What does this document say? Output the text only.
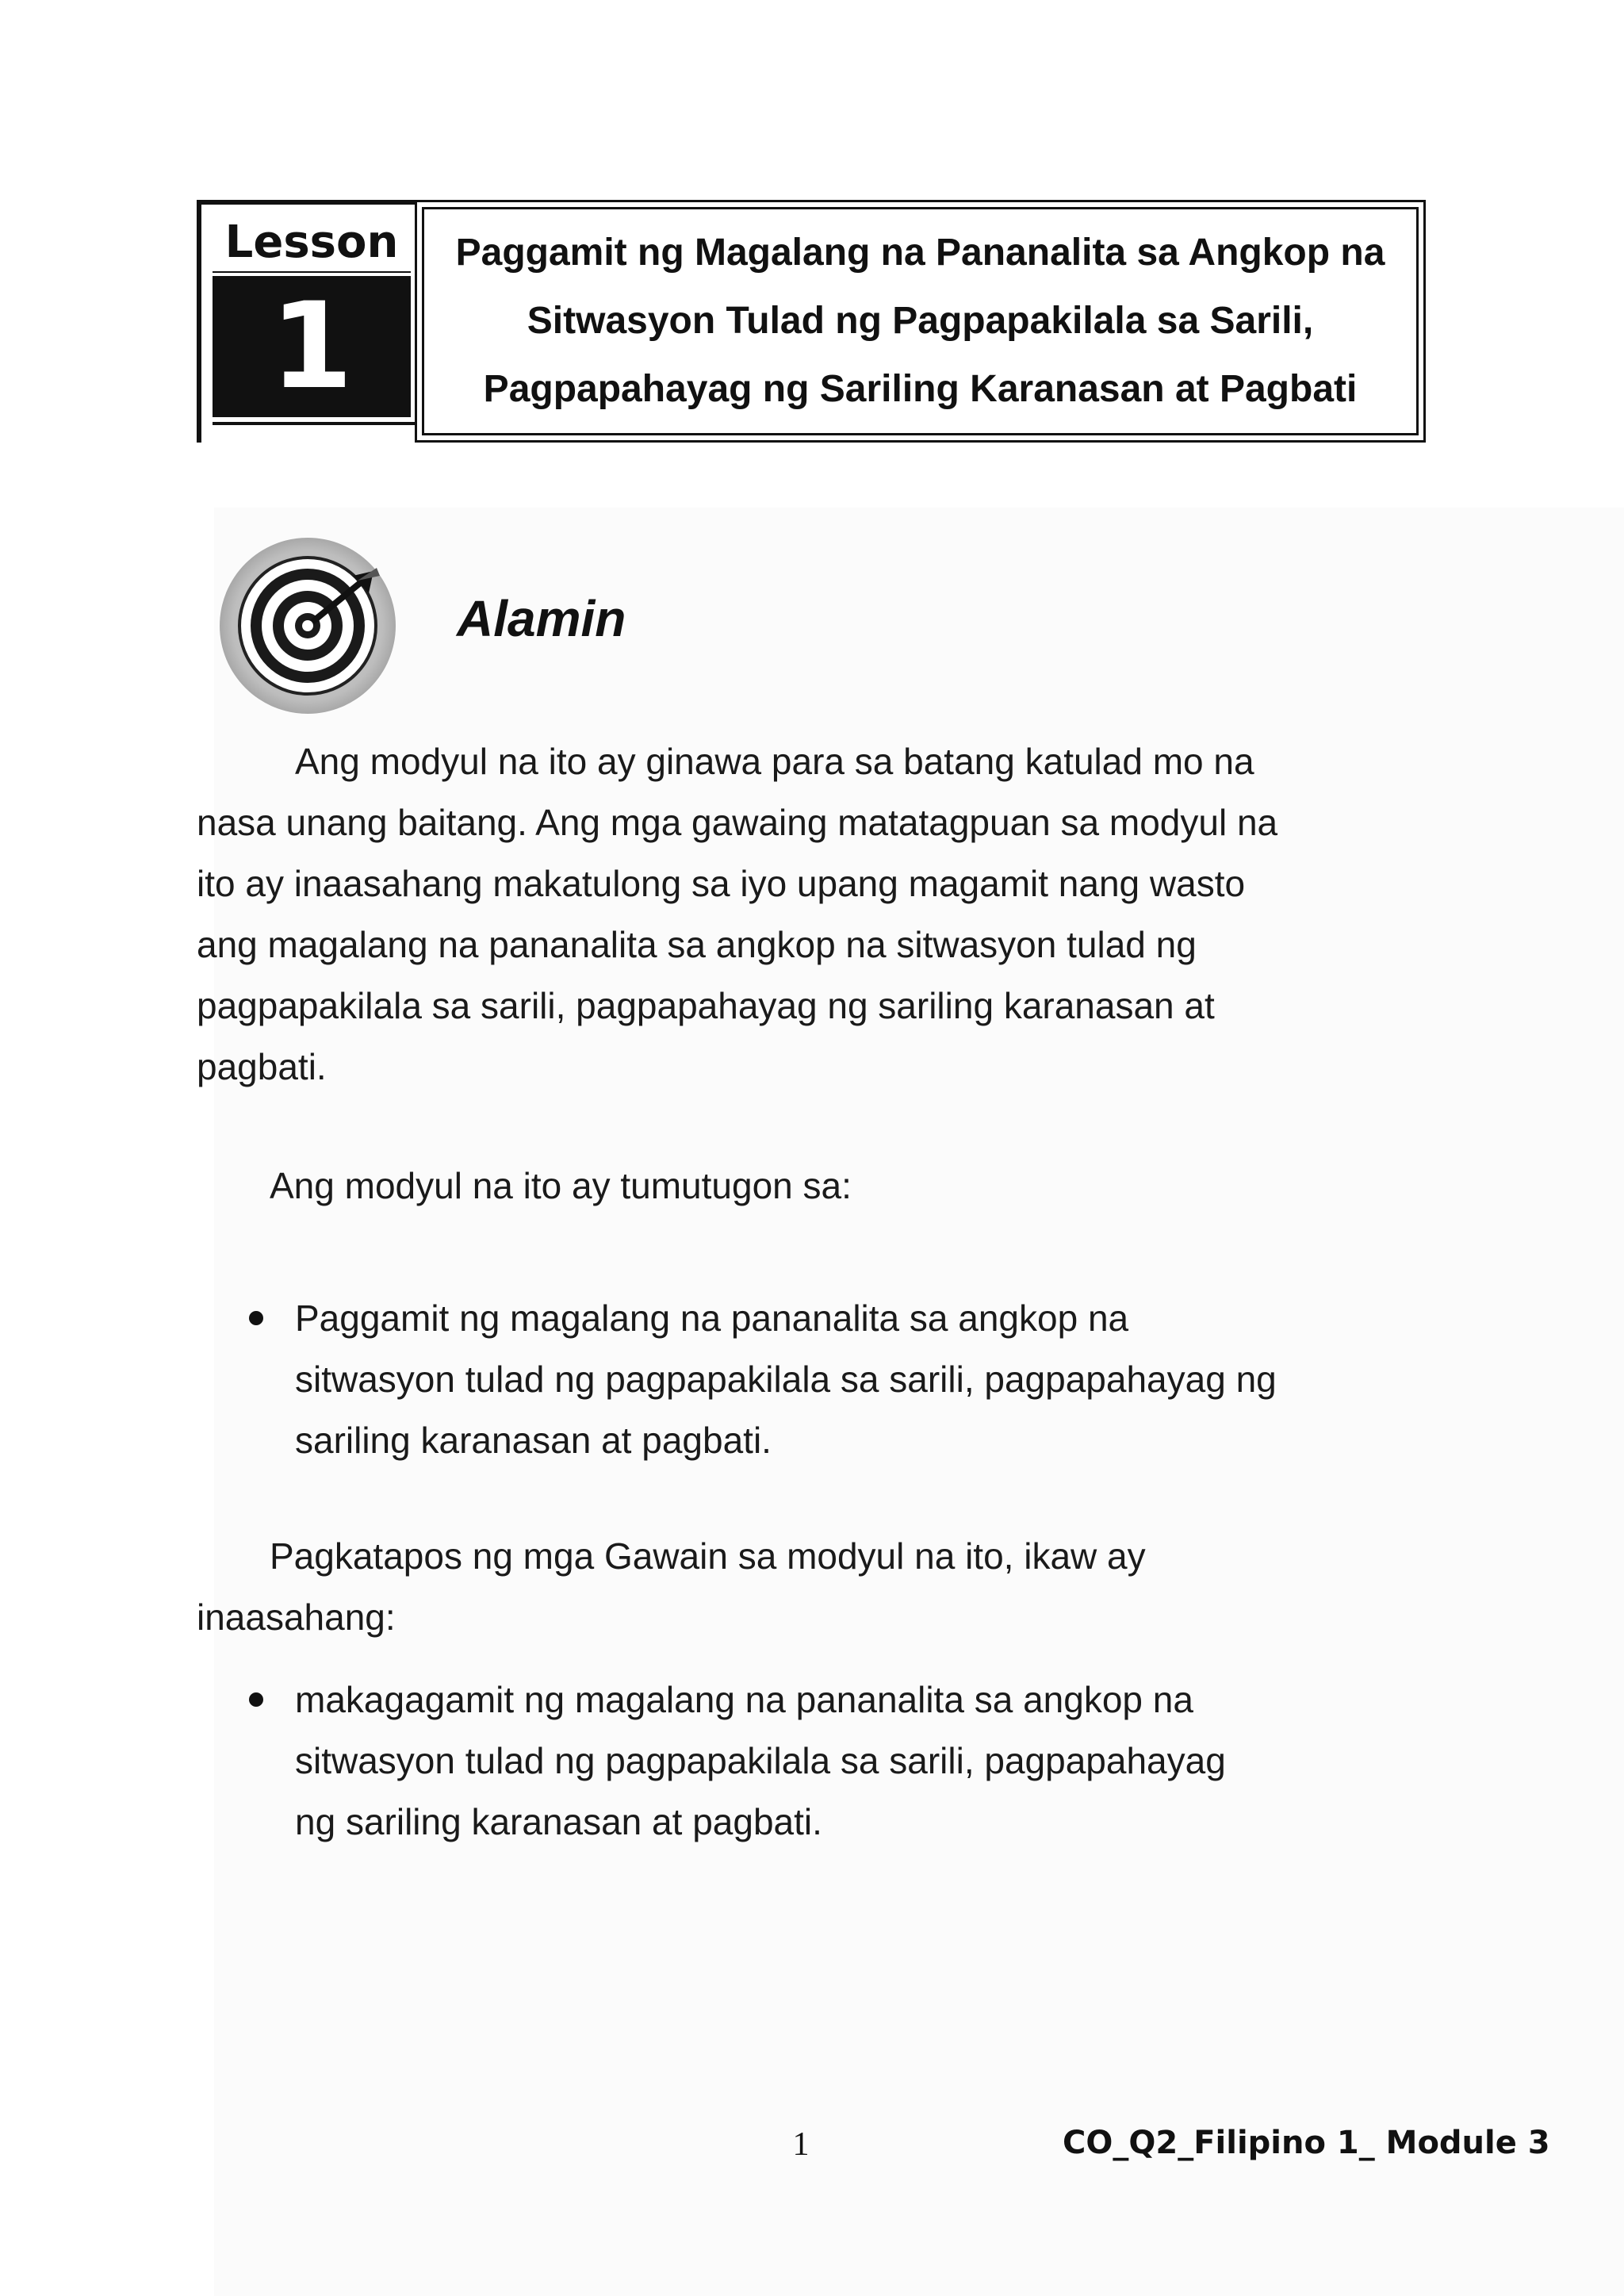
Lesson
1
Paggamit ng Magalang na Pananalita sa Angkop na
Sitwasyon Tulad ng Pagpapakilala sa Sarili,
Pagpapahayag ng Sariling Karanasan at Pagbati
Alamin
Ang modyul na ito ay ginawa para sa batang katulad mo na
nasa unang baitang. Ang mga gawaing matatagpuan sa modyul na
ito ay inaasahang makatulong sa iyo upang magamit nang wasto
ang magalang na pananalita sa angkop na sitwasyon tulad ng
pagpapakilala sa sarili, pagpapahayag ng sariling karanasan at
pagbati.
Ang modyul na ito ay tumutugon sa:
Paggamit ng magalang na pananalita sa angkop na
sitwasyon tulad ng pagpapakilala sa sarili, pagpapahayag ng
sariling karanasan at pagbati.
Pagkatapos ng mga Gawain sa modyul na ito, ikaw ay
inaasahang:
makagagamit ng magalang na pananalita sa angkop na
sitwasyon tulad ng pagpapakilala sa sarili, pagpapahayag
ng sariling karanasan at pagbati.
1	CO_Q2_Filipino 1_ Module 3
